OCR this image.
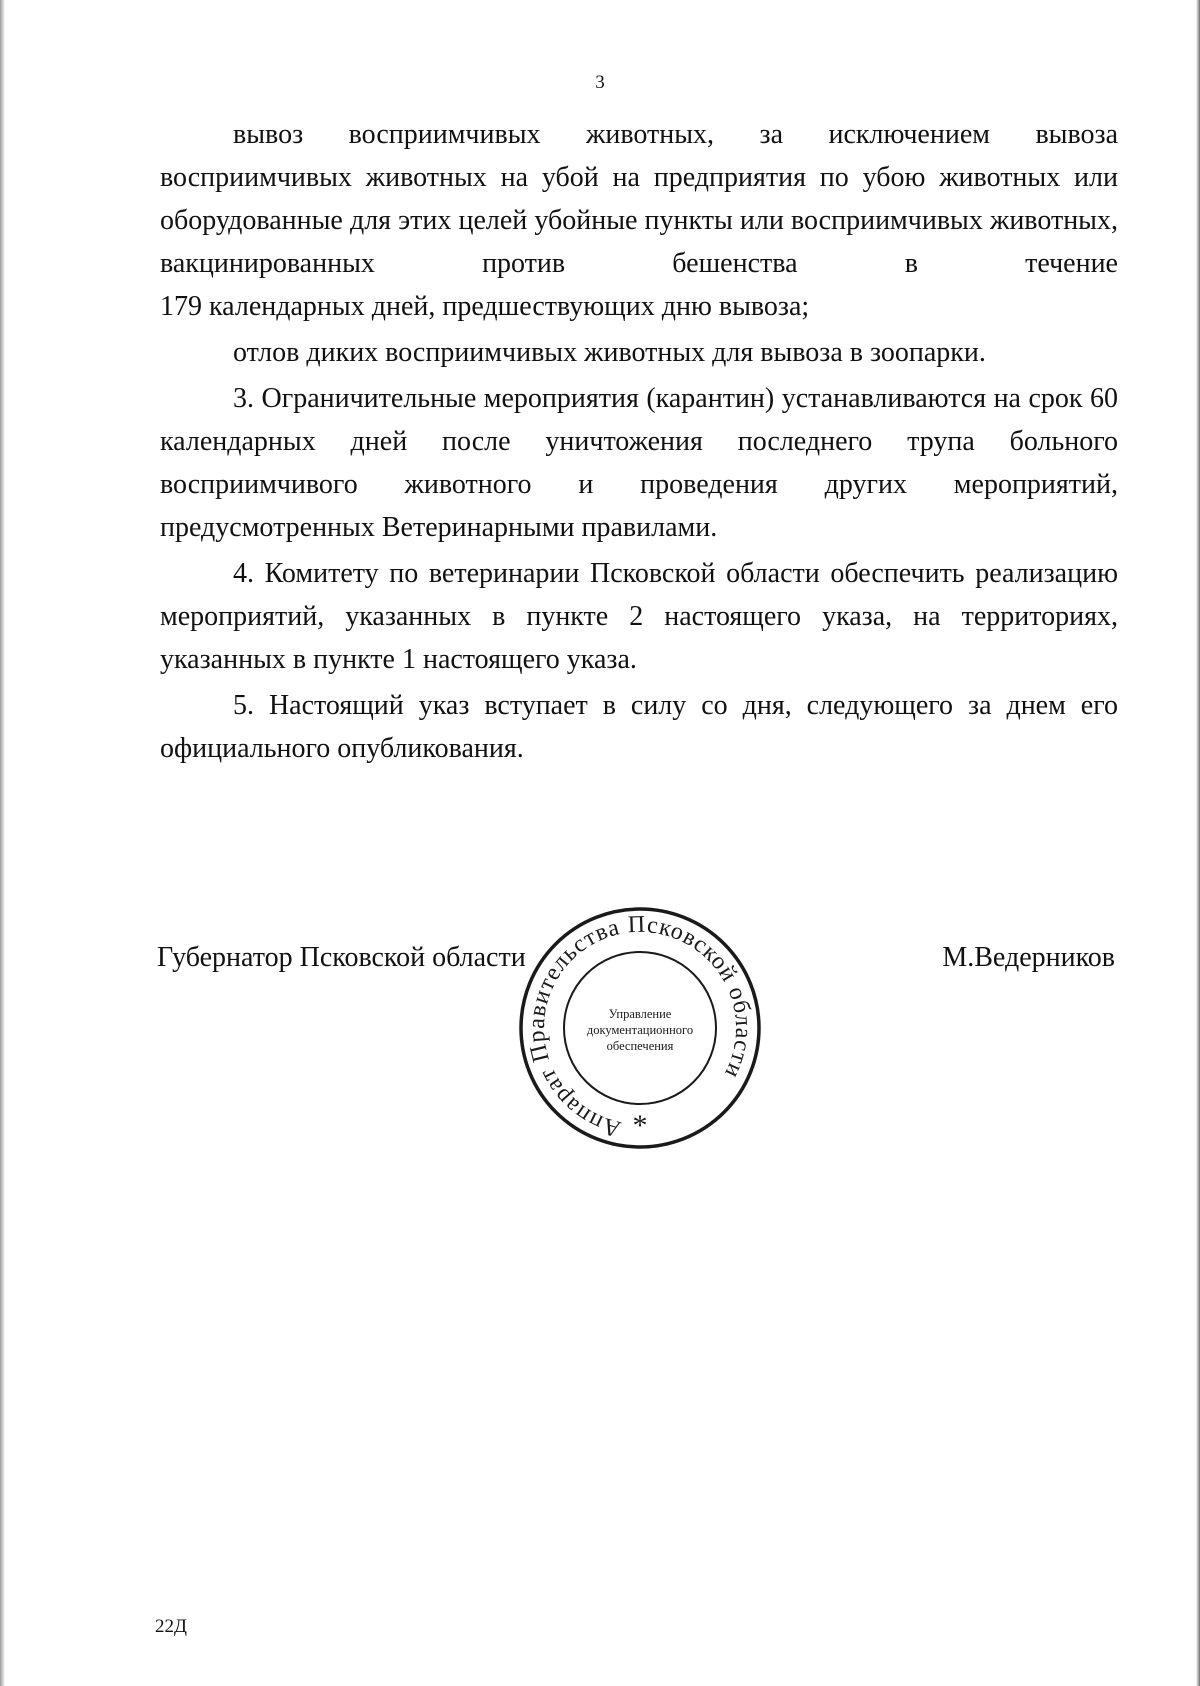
3

вывоз восприимчивых животных, за исключением вывоза восприимчивых животных на убой на предприятия по убою животных или оборудованные для этих целей убойные пункты или восприимчивых животных, вакцинированных против бешенства в течение

179 календарных дней, предшествующих дню вывоза;

отлов диких восприимчивых животных для вывоза в зоопарки.

3. Ограничительные мероприятия (карантин) устанавливаются на срок 60 календарных дней после уничтожения последнего трупа больного восприимчивого животного и проведения других мероприятий, предусмотренных Ветеринарными правилами.

4. Комитету по ветеринарии Псковской области обеспечить реализацию мероприятий, указанных в пункте 2 настоящего указа, на территориях, указанных в пункте 1 настоящего указа.

5. Настоящий указ вступает в силу со дня, следующего за днем его официального опубликования.

Губернатор Псковской области	М.Ведерников
Аппарат Правительства Псковской области
Управление
документационного
обеспечения
*
22Д
